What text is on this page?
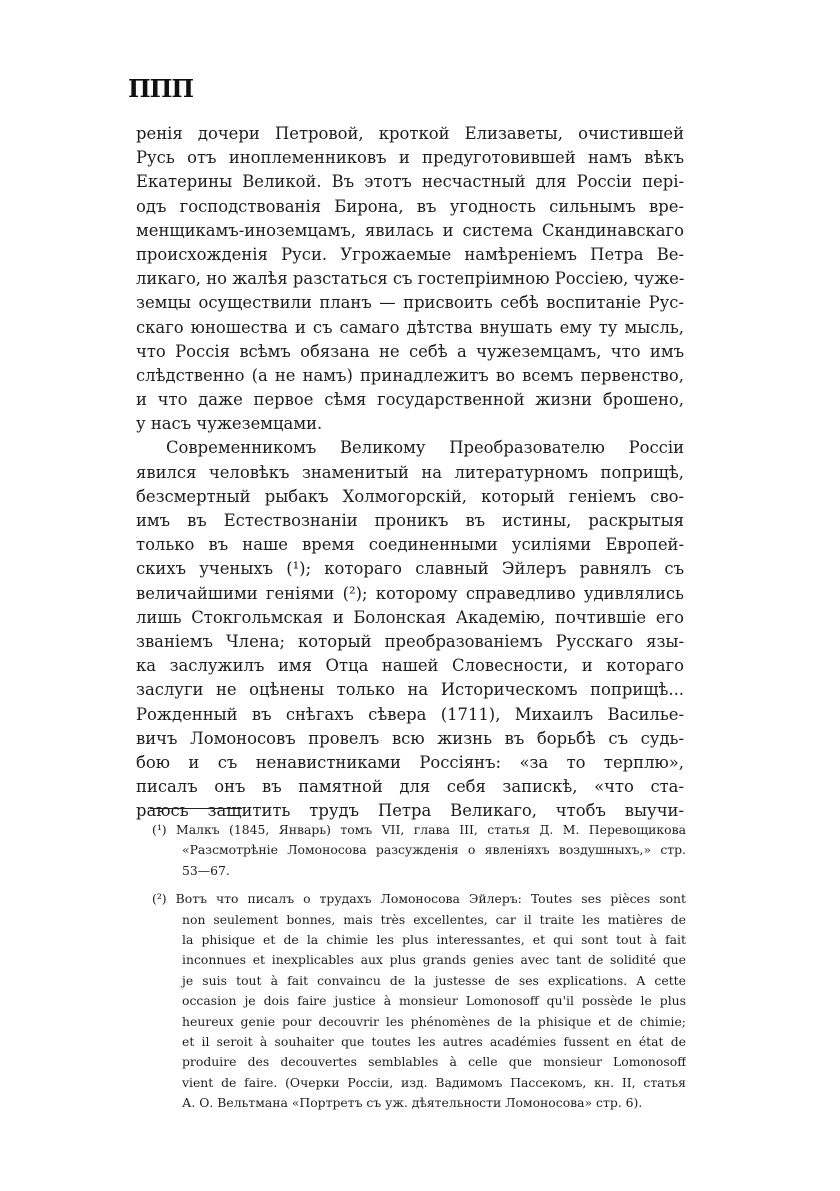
ΠΠΠ
ренія дочери Петровой, кроткой Елизаветы, очистившей
Русь отъ иноплеменниковъ и предуготовившей намъ вѣкъ
Екатерины Великой. Въ этотъ несчастный для Россіи пері-
одъ господствованія Бирона, въ угодность сильнымъ вре-
менщикамъ-иноземцамъ, явилась и система Скандинавскаго
происхожденія Руси. Угрожаемые намѣреніемъ Петра Ве-
ликаго, но жалѣя разстаться съ гостепріимною Россіею, чуже-
земцы осуществили планъ — присвоить себѣ воспитаніе Рус-
скаго юношества и съ самаго дѣтства внушать ему ту мысль,
что Россія всѣмъ обязана не себѣ а чужеземцамъ, что имъ
слѣдственно (а не намъ) принадлежитъ во всемъ первенство,
и что даже первое сѣмя государственной жизни брошено,
у насъ чужеземцами.
Современникомъ Великому Преобразователю Россіи
явился человѣкъ знаменитый на литературномъ поприщѣ,
безсмертный рыбакъ Холмогорскій, который геніемъ сво-
имъ въ Естествознаніи проникъ въ истины, раскрытыя
только въ наше время соединенными усиліями Европей-
скихъ ученыхъ (¹); котораго славный Эйлеръ равнялъ съ
величайшими геніями (²); которому справедливо удивлялись
лишь Стокгольмская и Болонская Академію, почтившіе его
званіемъ Члена; который преобразованіемъ Русскаго язы-
ка заслужилъ имя Отца нашей Словесности, и котораго
заслуги не оцѣнены только на Историческомъ поприщѣ...
Рожденный въ снѣгахъ сѣвера (1711), Михаилъ Василье-
вичъ Ломоносовъ провелъ всю жизнь въ борьбѣ съ судь-
бою и съ ненавистниками Россіянъ: «за то терплю»,
писалъ онъ въ памятной для себя запискѣ, «что ста-
раюсь защитить трудъ Петра Великаго, чтобъ выучи-
(¹) Малкъ (1845, Январь) томъ VII, глава III, статья Д. М. Перевощикова
«Разсмотрѣніе Ломоносова разсужденія о явленіяхъ воздушныхъ,» стр.
53—67.
(²) Вотъ что писалъ о трудахъ Ломоносова Эйлеръ: Toutes ses pièces sont
non seulement bonnes, mais très excellentes, car il traite les matières de
la phisique et de la chimie les plus interessantes, et qui sont tout à fait
inconnues et inexplicables aux plus grands genies avec tant de solidité que
je suis tout à fait convaincu de la justesse de ses explications. A cette
occasion je dois faire justice à monsieur Lomonosoff qu'il possède le plus
heureux genie pour decouvrir les phénomènes de la phisique et de chimie;
et il seroit à souhaiter que toutes les autres académies fussent en état de
produire des decouvertes semblables à celle que monsieur Lomonosoff
vient de faire. (Очерки Россіи, изд. Вадимомъ Пассекомъ, кн. II, статья
А. О. Вельтмана «Портретъ съ уж. дѣятельности Ломоносова» стр. 6).
